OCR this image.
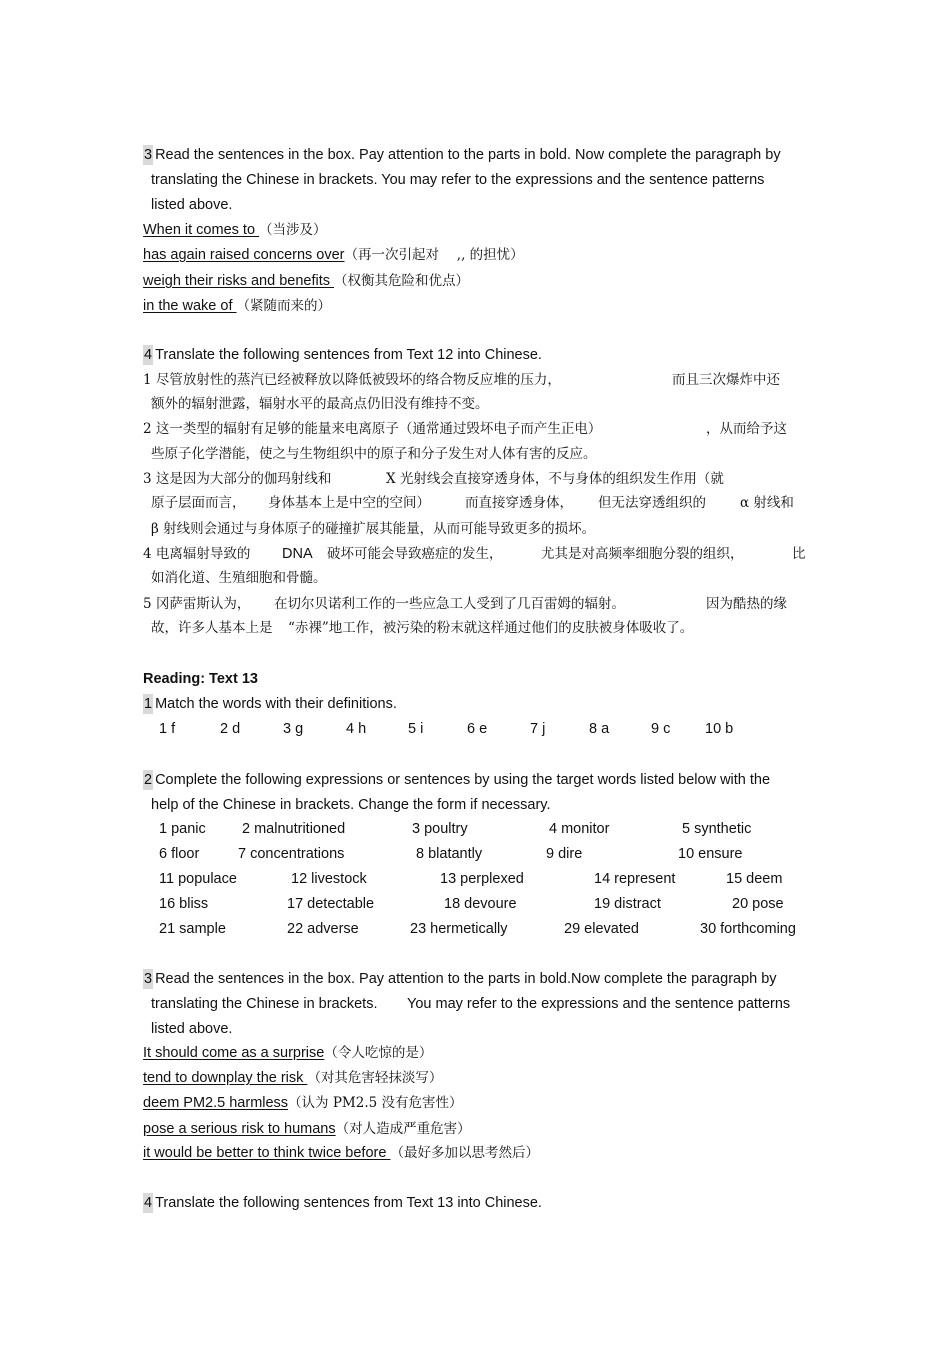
3 Read the sentences in the box. Pay attention to the parts in bold. Now complete the paragraph by
translating the Chinese in brackets. You may refer to the expressions and the sentence patterns
listed above.
When it comes to （当涉及）
has again raised concerns over（再一次引起对　 ,, 的担忧）
weigh their risks and benefits （权衡其危险和优点）
in the wake of （紧随而来的）
4 Translate the following sentences from Text 12 into Chinese.
1 尽管放射性的蒸汽已经被释放以降低被毁坏的络合物反应堆的压力，	而且三次爆炸中还
额外的辐射泄露，辐射水平的最高点仍旧没有维持不变。
2 这一类型的辐射有足够的能量来电离原子（通常通过毁坏电子而产生正电）	，从而给予这
些原子化学潜能，使之与生物组织中的原子和分子发生对人体有害的反应。
3 这是因为大部分的伽玛射线和	X 光射线会直接穿透身体，不与身体的组织发生作用（就
原子层面而言， 身体基本上是中空的空间）	而直接穿透身体， 但无法穿透组织的	α 射线和
β 射线则会通过与身体原子的碰撞扩展其能量，从而可能导致更多的损坏。
4 电离辐射导致的 DNA 破坏可能会导致癌症的发生，	尤其是对高频率细胞分裂的组织，	比
如消化道、生殖细胞和骨髓。
5 冈萨雷斯认为， 在切尔贝诺利工作的一些应急工人受到了几百雷姆的辐射。	因为酷热的缘
故，许多人基本上是 “赤裸”地工作，被污染的粉末就这样通过他们的皮肤被身体吸收了。
Reading: Text 13
1 Match the words with their definitions.
1 f	2 d	3 g	4 h	5 i	6 e	7 j	8 a	9 c 10 b
2 Complete the following expressions or sentences by using the target words listed below with the
help of the Chinese in brackets. Change the form if necessary.
1 panic 2 malnutritioned	3 poultry	4 monitor	5 synthetic
6 floor	7 concentrations	8 blatantly	9 dire	10 ensure
11 populace	12 livestock	13 perplexed	14 represent	15 deem
16 bliss	17 detectable	18 devoure	19 distract	20 pose
21 sample	22 adverse	23 hermetically	29 elevated	30 forthcoming
3 Read the sentences in the box. Pay attention to the parts in bold.Now complete the paragraph by
translating the Chinese in brackets. You may refer to the expressions and the sentence patterns
listed above.
It should come as a surprise（令人吃惊的是）
tend to downplay the risk （对其危害轻抹淡写）
deem PM2.5 harmless（认为 PM2.5 没有危害性）
pose a serious risk to humans（对人造成严重危害）
it would be better to think twice before （最好多加以思考然后）
4 Translate the following sentences from Text 13 into Chinese.
